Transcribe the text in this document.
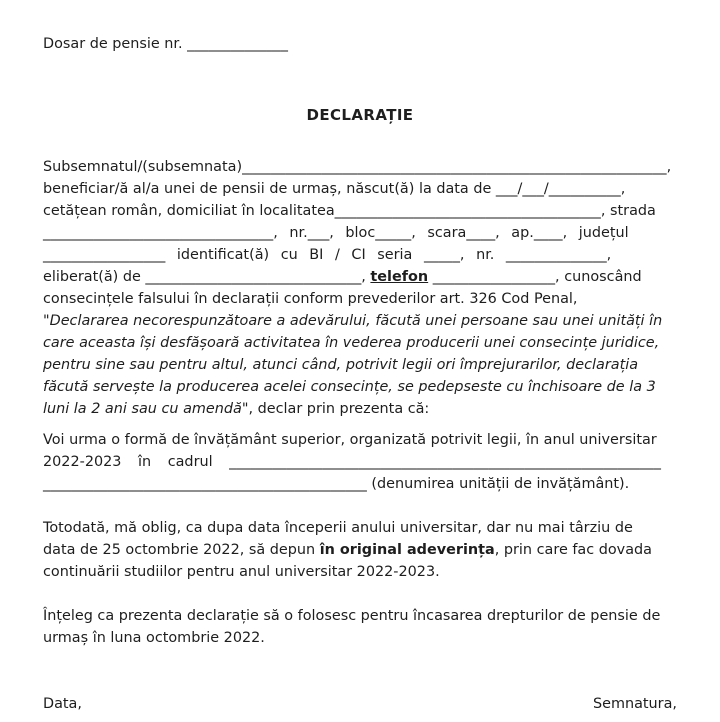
Dosar de pensie nr. ______________
DECLARAȚIE
Subsemnatul/(subsemnata)___________________________________________________________,
beneficiar/ă al/a unei de pensii de urmaș, născut(ă) la data de ___/___/__________,
cetățean român, domiciliat în localitatea_____________________________________, strada
________________________________, nr.___, bloc_____, scara____, ap.____, județul
_________________ identificat(ă) cu BI / CI seria _____, nr. ______________,
eliberat(ă) de ______________________________, telefon _________________, cunoscând
consecințele falsului în declarații conform prevederilor art. 326 Cod Penal,
"Declararea necorespunzătoare a adevărului, făcută unei persoane sau unei unități în
care aceasta își desfășoară activitatea în vederea producerii unei consecințe juridice,
pentru sine sau pentru altul, atunci când, potrivit legii ori împrejurarilor, declarația
făcută servește la producerea acelei consecințe, se pedepseste cu închisoare de la 3
luni la 2 ani sau cu amendă", declar prin prezenta că:
Voi urma o formă de învățământ superior, organizată potrivit legii, în anul universitar
2022-2023 în cadrul ____________________________________________________________
_____________________________________________ (denumirea unității de invățământ).
Totodată, mă oblig, ca dupa data începerii anului universitar, dar nu mai târziu de
data de 25 octombrie 2022, să depun în original adeverința, prin care fac dovada
continuării studiilor pentru anul universitar 2022-2023.
Înțeleg ca prezenta declarație să o folosesc pentru încasarea drepturilor de pensie de
urmaș în luna octombrie 2022.
Data,	Semnatura,
